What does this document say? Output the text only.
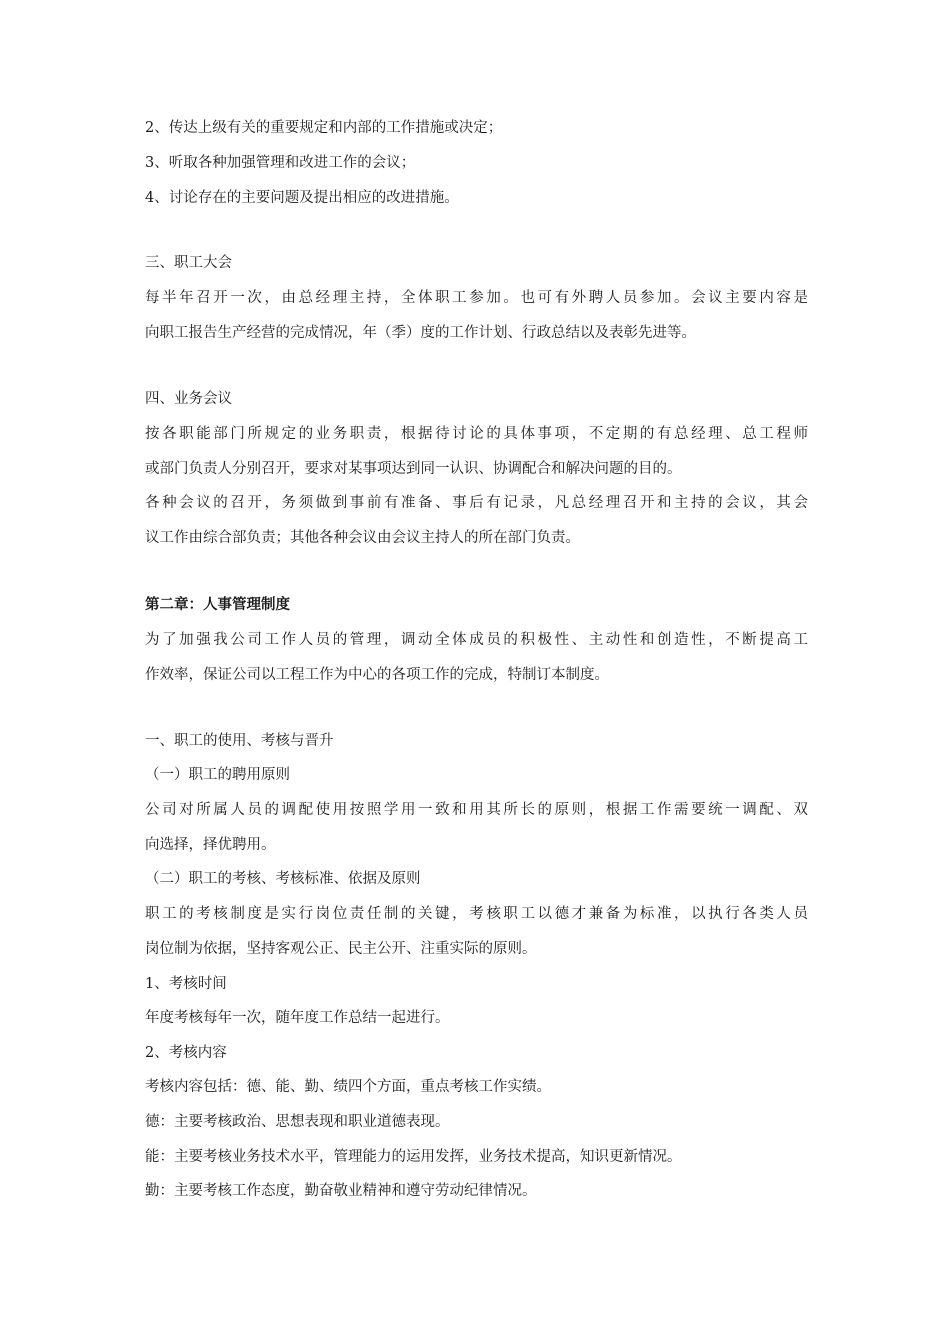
2、传达上级有关的重要规定和内部的工作措施或决定；
3、听取各种加强管理和改进工作的会议；
4、讨论存在的主要问题及提出相应的改进措施。
三、职工大会
每半年召开一次，由总经理主持，全体职工参加。也可有外聘人员参加。会议主要内容是
向职工报告生产经营的完成情况，年（季）度的工作计划、行政总结以及表彰先进等。
四、业务会议
按各职能部门所规定的业务职责，根据待讨论的具体事项，不定期的有总经理、总工程师
或部门负责人分别召开，要求对某事项达到同一认识、协调配合和解决问题的目的。
各种会议的召开，务须做到事前有准备、事后有记录，凡总经理召开和主持的会议，其会
议工作由综合部负责；其他各种会议由会议主持人的所在部门负责。
第二章：人事管理制度
为了加强我公司工作人员的管理，调动全体成员的积极性、主动性和创造性，不断提高工
作效率，保证公司以工程工作为中心的各项工作的完成，特制订本制度。
一、职工的使用、考核与晋升
（一）职工的聘用原则
公司对所属人员的调配使用按照学用一致和用其所长的原则，根据工作需要统一调配、双
向选择，择优聘用。
（二）职工的考核、考核标准、依据及原则
职工的考核制度是实行岗位责任制的关键，考核职工以德才兼备为标准，以执行各类人员
岗位制为依据，坚持客观公正、民主公开、注重实际的原则。
1、考核时间
年度考核每年一次，随年度工作总结一起进行。
2、考核内容
考核内容包括：德、能、勤、绩四个方面，重点考核工作实绩。
德：主要考核政治、思想表现和职业道德表现。
能：主要考核业务技术水平，管理能力的运用发挥，业务技术提高，知识更新情况。
勤：主要考核工作态度，勤奋敬业精神和遵守劳动纪律情况。
